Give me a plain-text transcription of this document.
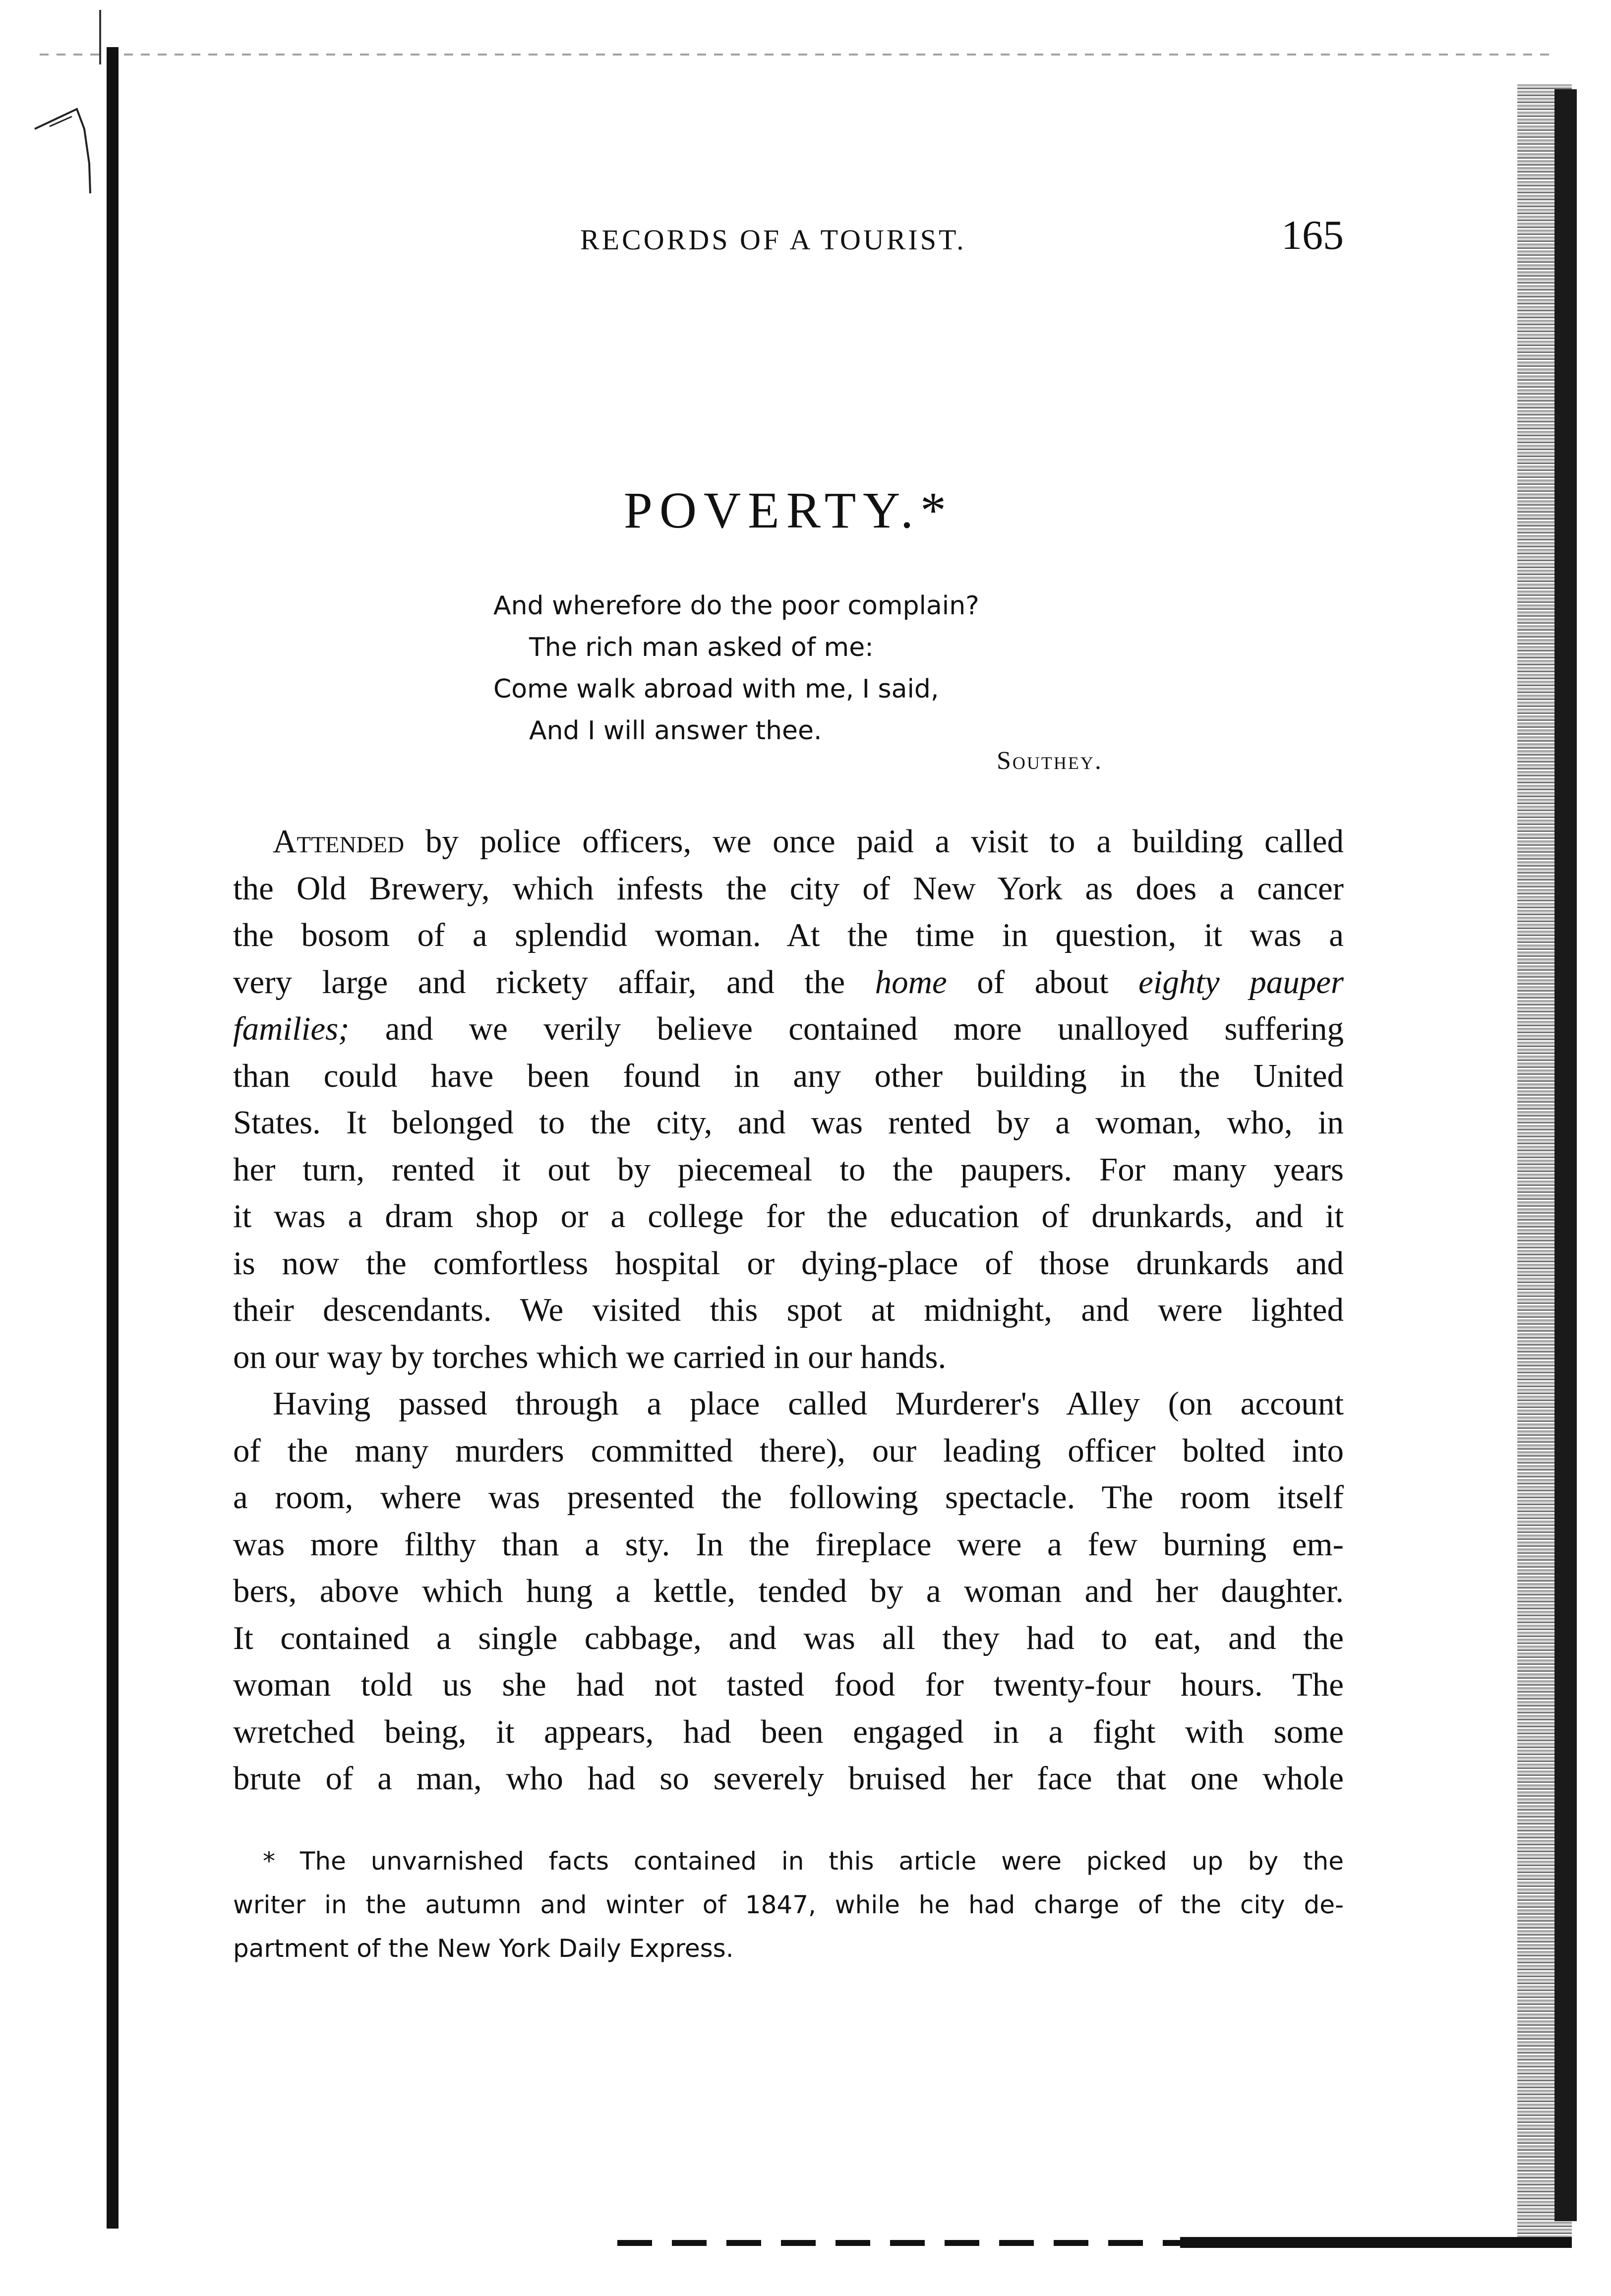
RECORDS OF A TOURIST.	165
POVERTY.*
And wherefore do the poor complain?
The rich man asked of me:
Come walk abroad with me, I said,
And I will answer thee.
Southey.
Attended by police officers, we once paid a visit to a building called
the Old Brewery, which infests the city of New York as does a cancer
the bosom of a splendid woman. At the time in question, it was a
very large and rickety affair, and the home of about eighty pauper
families; and we verily believe contained more unalloyed suffering
than could have been found in any other building in the United
States. It belonged to the city, and was rented by a woman, who, in
her turn, rented it out by piecemeal to the paupers. For many years
it was a dram shop or a college for the education of drunkards, and it
is now the comfortless hospital or dying-place of those drunkards and
their descendants. We visited this spot at midnight, and were lighted
on our way by torches which we carried in our hands.
Having passed through a place called Murderer's Alley (on account
of the many murders committed there), our leading officer bolted into
a room, where was presented the following spectacle. The room itself
was more filthy than a sty. In the fireplace were a few burning em-
bers, above which hung a kettle, tended by a woman and her daughter.
It contained a single cabbage, and was all they had to eat, and the
woman told us she had not tasted food for twenty-four hours. The
wretched being, it appears, had been engaged in a fight with some
brute of a man, who had so severely bruised her face that one whole
* The unvarnished facts contained in this article were picked up by the
writer in the autumn and winter of 1847, while he had charge of the city de-
partment of the New York Daily Express.
